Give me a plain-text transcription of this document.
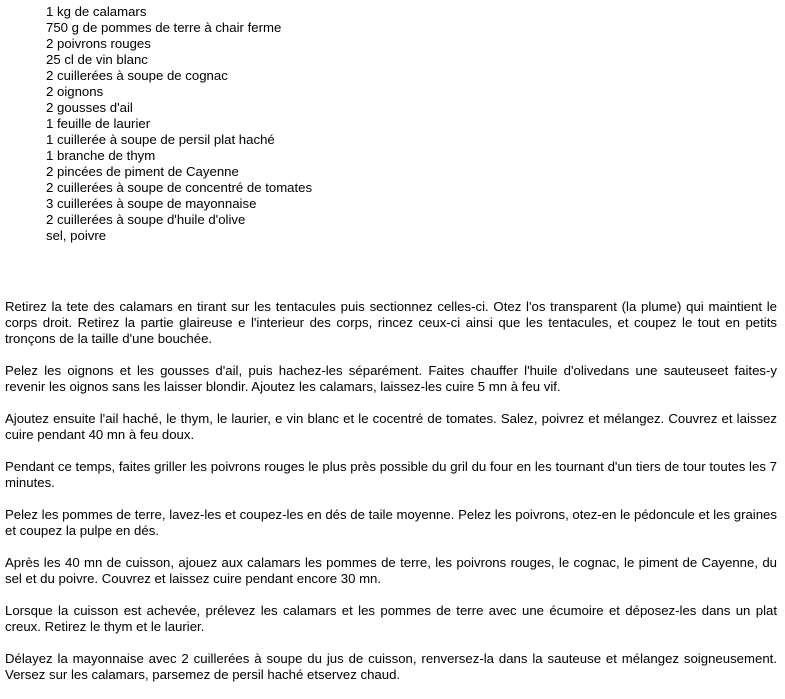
1 kg de calamars
750 g de pommes de terre à chair ferme
2 poivrons rouges
25 cl de vin blanc
2 cuillerées à soupe de cognac
2 oignons
2 gousses d'ail
1 feuille de laurier
1 cuillerée à soupe de persil plat haché
1 branche de thym
2 pincées de piment de Cayenne
2 cuillerées à soupe de concentré de tomates
3 cuillerées à soupe de mayonnaise
2 cuillerées à soupe d'huile d'olive
sel, poivre

Retirez la tete des calamars en tirant sur les tentacules puis sectionnez celles-ci. Otez l'os transparent (la plume) qui maintient le corps droit. Retirez la partie glaireuse e l'interieur des corps, rincez ceux-ci ainsi que les tentacules, et coupez le tout en petits tronçons de la taille d'une bouchée.

Pelez les oignons et les gousses d'ail, puis hachez-les séparément. Faites chauffer l'huile d'olivedans une sauteuseet faites-y revenir les oignos sans les laisser blondir. Ajoutez les calamars, laissez-les cuire 5 mn à feu vif.

Ajoutez ensuite l'ail haché, le thym, le laurier, e vin blanc et le cocentré de tomates. Salez, poivrez et mélangez. Couvrez et laissez cuire pendant 40 mn à feu doux.

Pendant ce temps, faites griller les poivrons rouges le plus près possible du gril du four en les tournant d'un tiers de tour toutes les 7 minutes.

Pelez les pommes de terre, lavez-les et coupez-les en dés de taile moyenne. Pelez les poivrons, otez-en le pédoncule et les graines et coupez la pulpe en dés.

Après les 40 mn de cuisson, ajouez aux calamars les pommes de terre, les poivrons rouges, le cognac, le piment de Cayenne, du sel et du poivre. Couvrez et laissez cuire pendant encore 30 mn.

Lorsque la cuisson est achevée, prélevez les calamars et les pommes de terre avec une écumoire et déposez-les dans un plat creux. Retirez le thym et le laurier.

Délayez la mayonnaise avec 2 cuillerées à soupe du jus de cuisson, renversez-la dans la sauteuse et mélangez soigneusement. Versez sur les calamars, parsemez de persil haché etservez chaud.
